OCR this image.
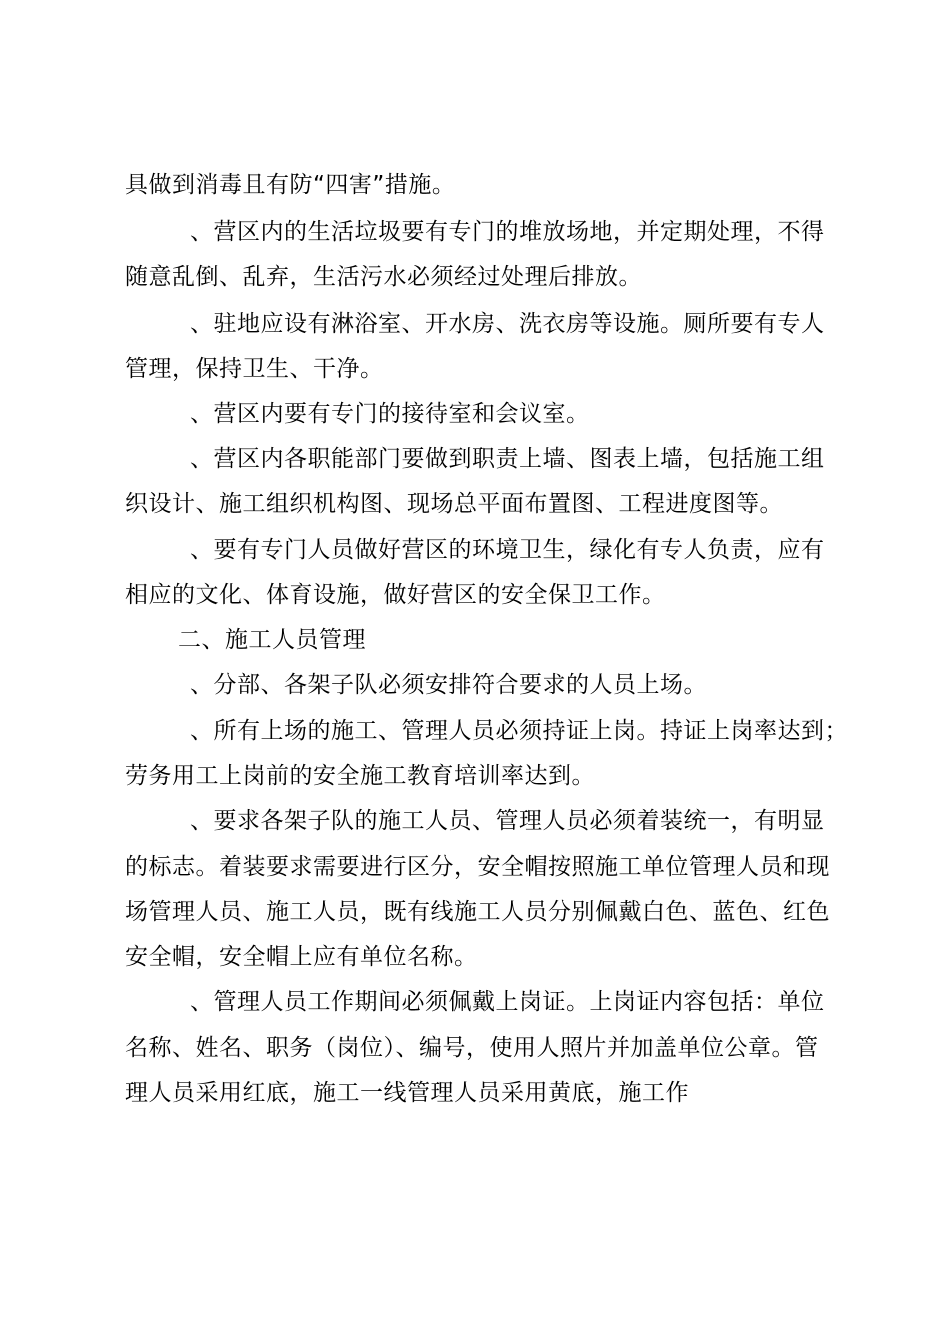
具做到消毒且有防“四害”措施。
、营区内的生活垃圾要有专门的堆放场地，并定期处理，不得
随意乱倒、乱弃，生活污水必须经过处理后排放。
、驻地应设有淋浴室、开水房、洗衣房等设施。厕所要有专人
管理，保持卫生、干净。
、营区内要有专门的接待室和会议室。
、营区内各职能部门要做到职责上墙、图表上墙，包括施工组
织设计、施工组织机构图、现场总平面布置图、工程进度图等。
、要有专门人员做好营区的环境卫生，绿化有专人负责，应有
相应的文化、体育设施，做好营区的安全保卫工作。
二、施工人员管理
、分部、各架子队必须安排符合要求的人员上场。
、所有上场的施工、管理人员必须持证上岗。持证上岗率达到；
劳务用工上岗前的安全施工教育培训率达到。
、要求各架子队的施工人员、管理人员必须着装统一，有明显
的标志。着装要求需要进行区分，安全帽按照施工单位管理人员和现
场管理人员、施工人员，既有线施工人员分别佩戴白色、蓝色、红色
安全帽，安全帽上应有单位名称。
、管理人员工作期间必须佩戴上岗证。上岗证内容包括：单位
名称、姓名、职务（岗位）、编号，使用人照片并加盖单位公章。管
理人员采用红底，施工一线管理人员采用黄底，施工作
